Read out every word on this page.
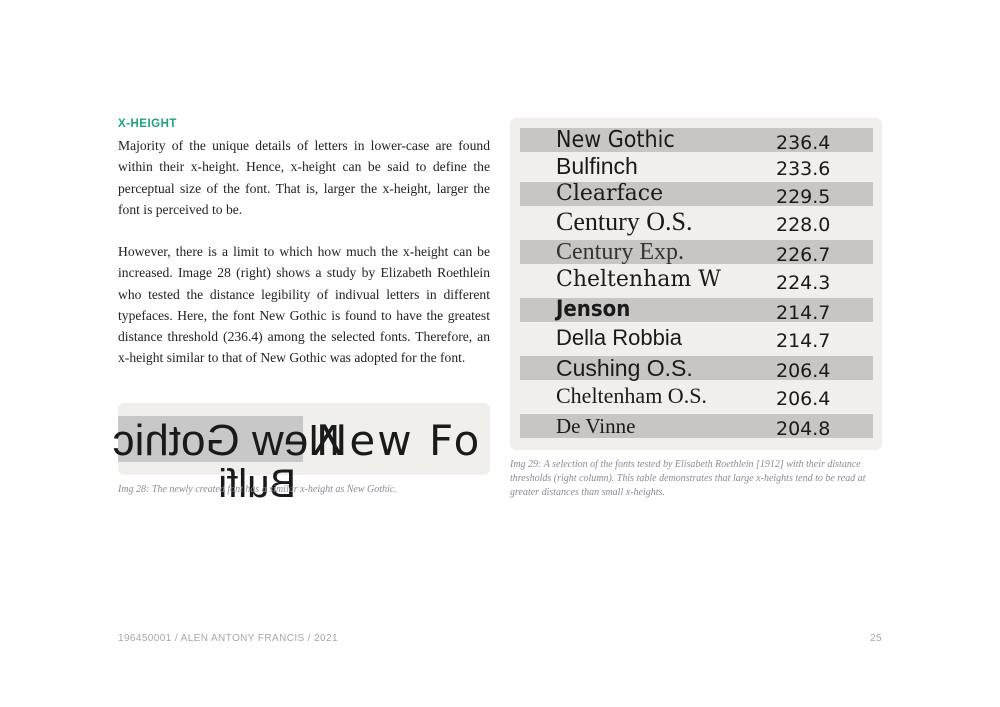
X-HEIGHT

Majority of the unique details of letters in lower-case are found within their x-height. Hence, x-height can be said to define the perceptual size of the font. That is, larger the x-height, larger the font is perceived to be.

However, there is a limit to which how much the x-height can be increased. Image 28 (right) shows a study by Elizabeth Roethlein who tested the distance legibility of indivual letters in different typefaces. Here, the font New Gothic is found to have the greatest distance threshold (236.4) among the selected fonts. Therefore, an x-height similar to that of New Gothic was adopted for the font.

New Gothic
Bulfi
New Fo
Img 28: The newly created font has a similar x-height as New Gothic.
New Gothic	236.4
Bulfinch	233.6
Clearface	229.5
Century O.S.	228.0
Century Exp.	226.7
Cheltenham W	224.3
Jenson	214.7
Della Robbia	214.7
Cushing O.S.	206.4
Cheltenham O.S.	206.4
De Vinne	204.8
Img 29: A selection of the fonts tested by Elisabeth Roethlein [1912] with their distance thresholds (right column). This table demonstrates that large x-heights tend to be read at greater distances than small x-heights.
196450001 / ALEN ANTONY FRANCIS / 2021	25
